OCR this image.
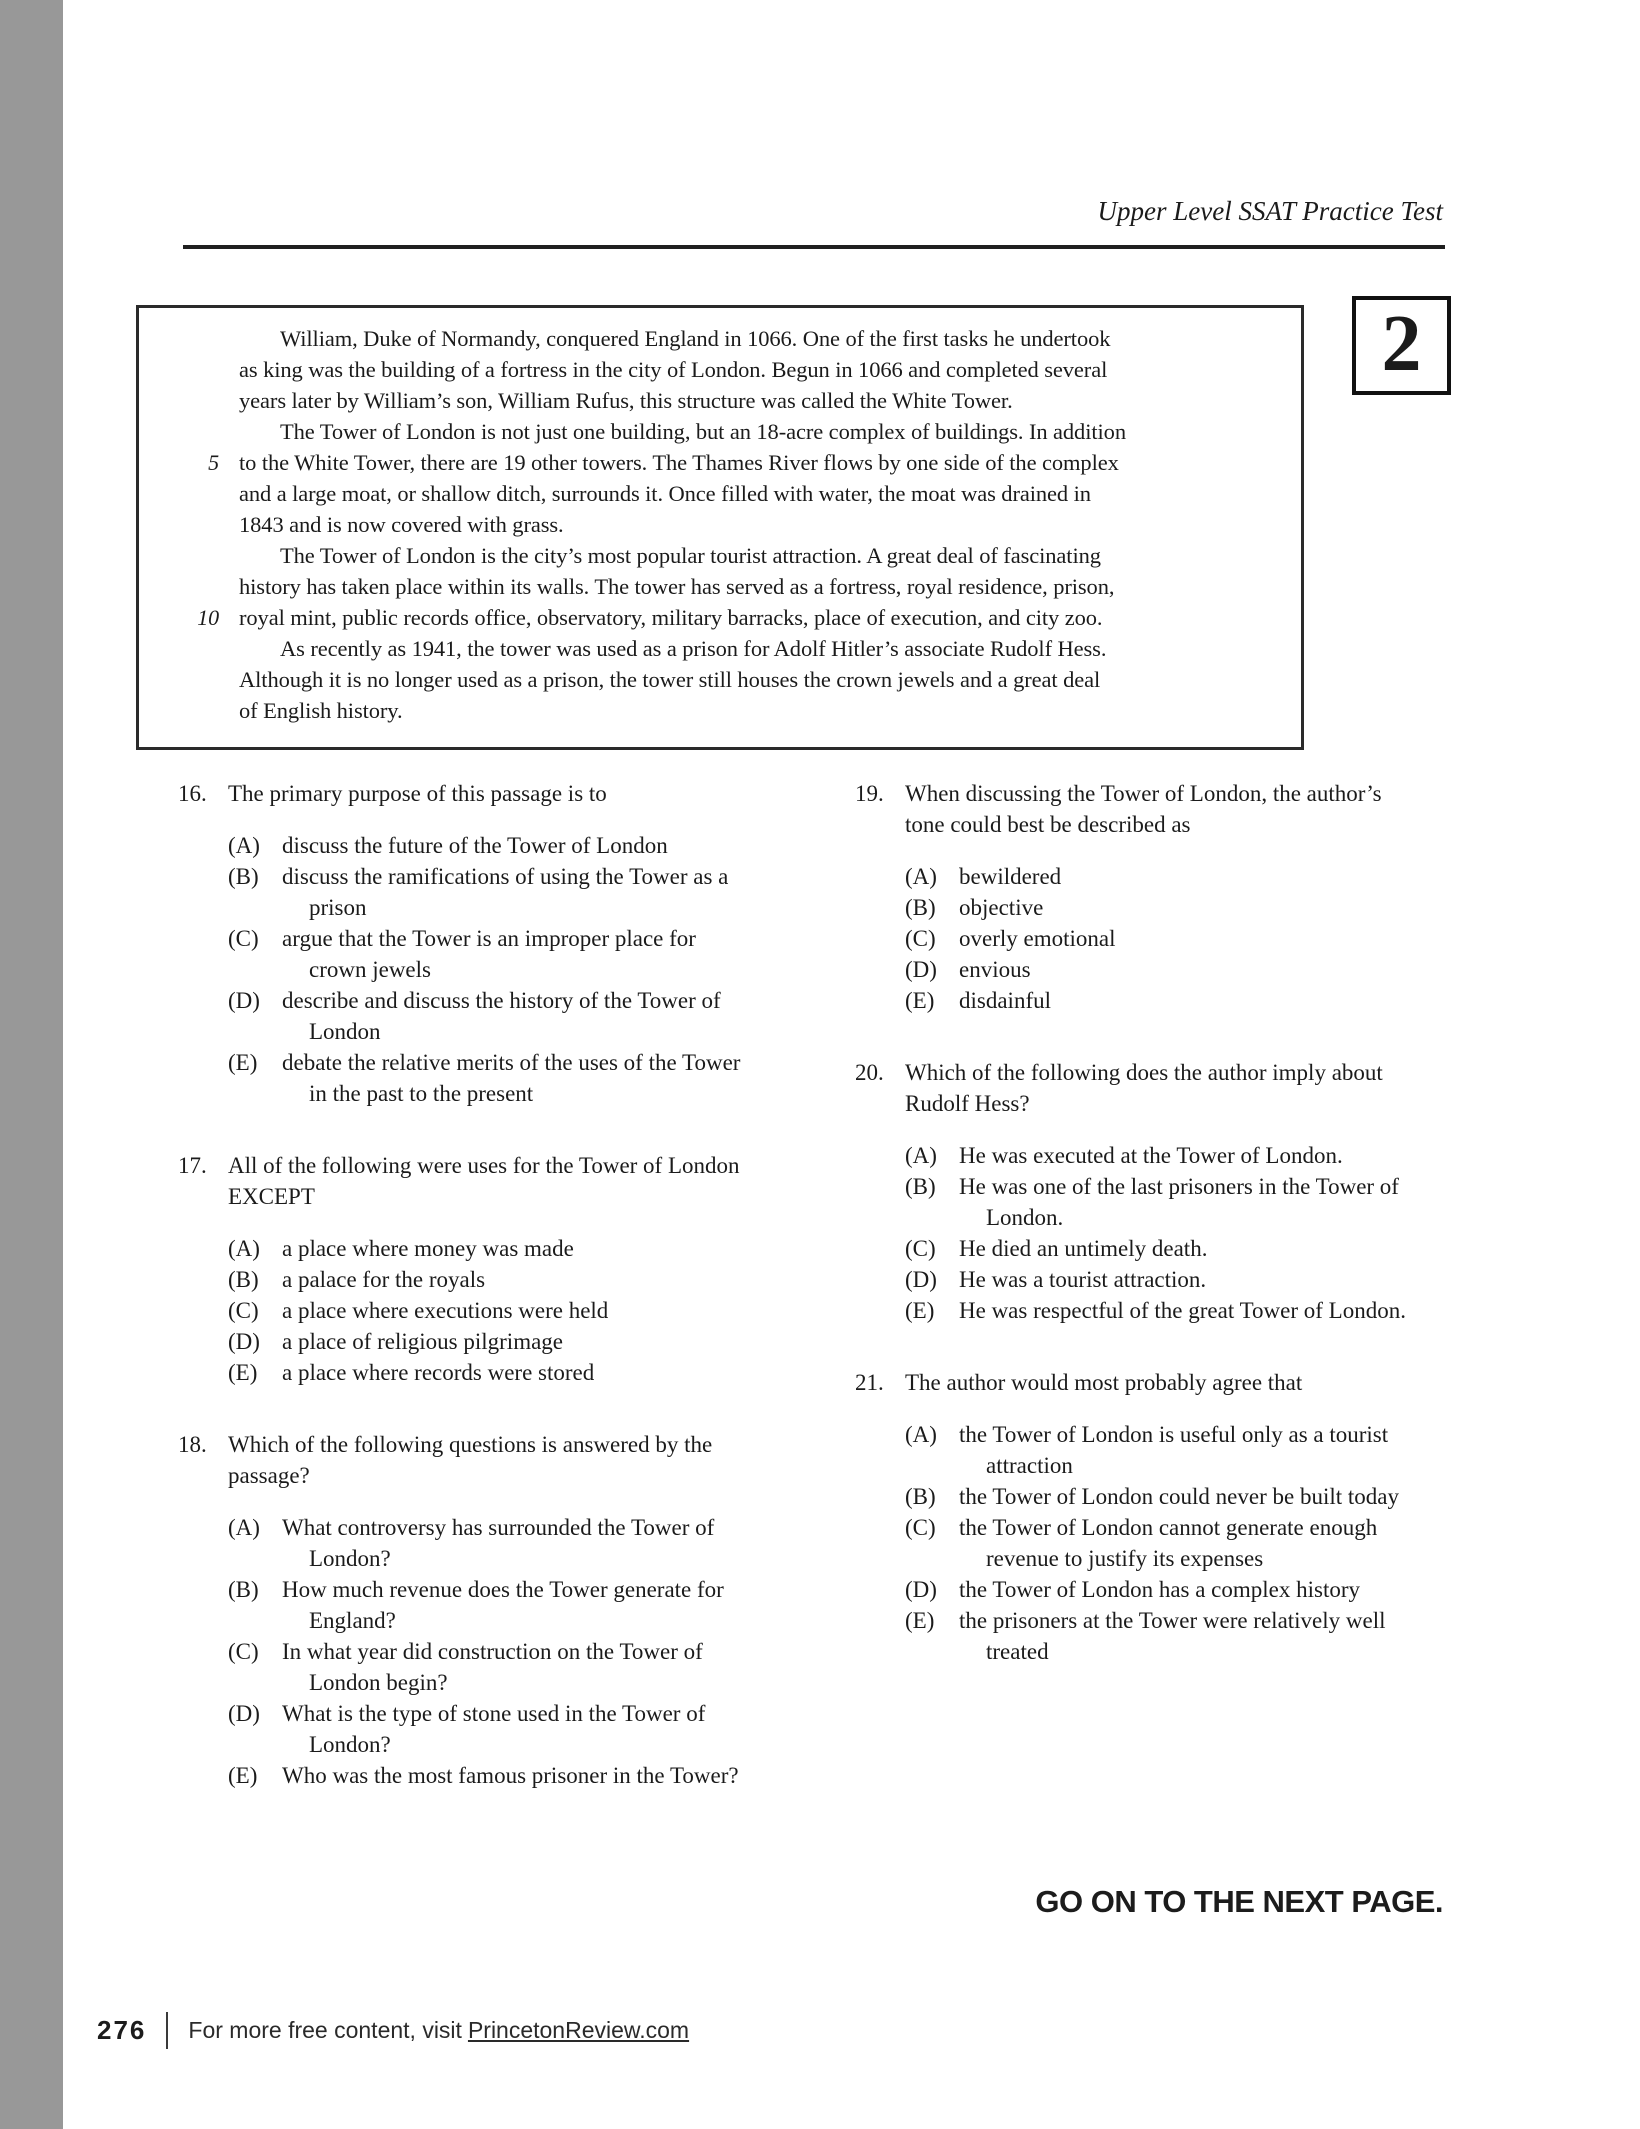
Upper Level SSAT Practice Test
2
William, Duke of Normandy, conquered England in 1066. One of the first tasks he undertook
as king was the building of a fortress in the city of London. Begun in 1066 and completed several
years later by William’s son, William Rufus, this structure was called the White Tower.
The Tower of London is not just one building, but an 18-acre complex of buildings. In addition
5 to the White Tower, there are 19 other towers. The Thames River flows by one side of the complex
and a large moat, or shallow ditch, surrounds it. Once filled with water, the moat was drained in
1843 and is now covered with grass.
The Tower of London is the city’s most popular tourist attraction. A great deal of fascinating
history has taken place within its walls. The tower has served as a fortress, royal residence, prison,
10 royal mint, public records office, observatory, military barracks, place of execution, and city zoo.
As recently as 1941, the tower was used as a prison for Adolf Hitler’s associate Rudolf Hess.
Although it is no longer used as a prison, the tower still houses the crown jewels and a great deal
of English history.
16. The primary purpose of this passage is to
(A) discuss the future of the Tower of London
(B)	discuss the ramifications of using the Tower as a prison
(C)	argue that the Tower is an improper place for crown jewels
(D) describe and discuss the history of the Tower of London
(E)	debate the relative merits of the uses of the Tower in the past to the present
17. All of the following were uses for the Tower of London EXCEPT
(A) a place where money was made
(B)	a palace for the royals
(C)	a place where executions were held
(D) a place of religious pilgrimage
(E)	a place where records were stored
18. Which of the following questions is answered by the passage?
(A) What controversy has surrounded the Tower of London?
(B)	How much revenue does the Tower generate for England?
(C)	In what year did construction on the Tower of London begin?
(D) What is the type of stone used in the Tower of London?
(E)	Who was the most famous prisoner in the Tower?
19. When discussing the Tower of London, the author’s tone could best be described as
(A) bewildered
(B)	objective
(C)	overly emotional
(D) envious
(E)	disdainful
20. Which of the following does the author imply about Rudolf Hess?
(A) He was executed at the Tower of London.
(B)	He was one of the last prisoners in the Tower of London.
(C)	He died an untimely death.
(D) He was a tourist attraction.
(E)	He was respectful of the great Tower of London.
21. The author would most probably agree that
(A) the Tower of London is useful only as a tourist attraction
(B)	the Tower of London could never be built today
(C)	the Tower of London cannot generate enough revenue to justify its expenses
(D) the Tower of London has a complex history
(E)	the prisoners at the Tower were relatively well treated
GO ON TO THE NEXT PAGE.
276 For more free content, visit PrincetonReview.com
